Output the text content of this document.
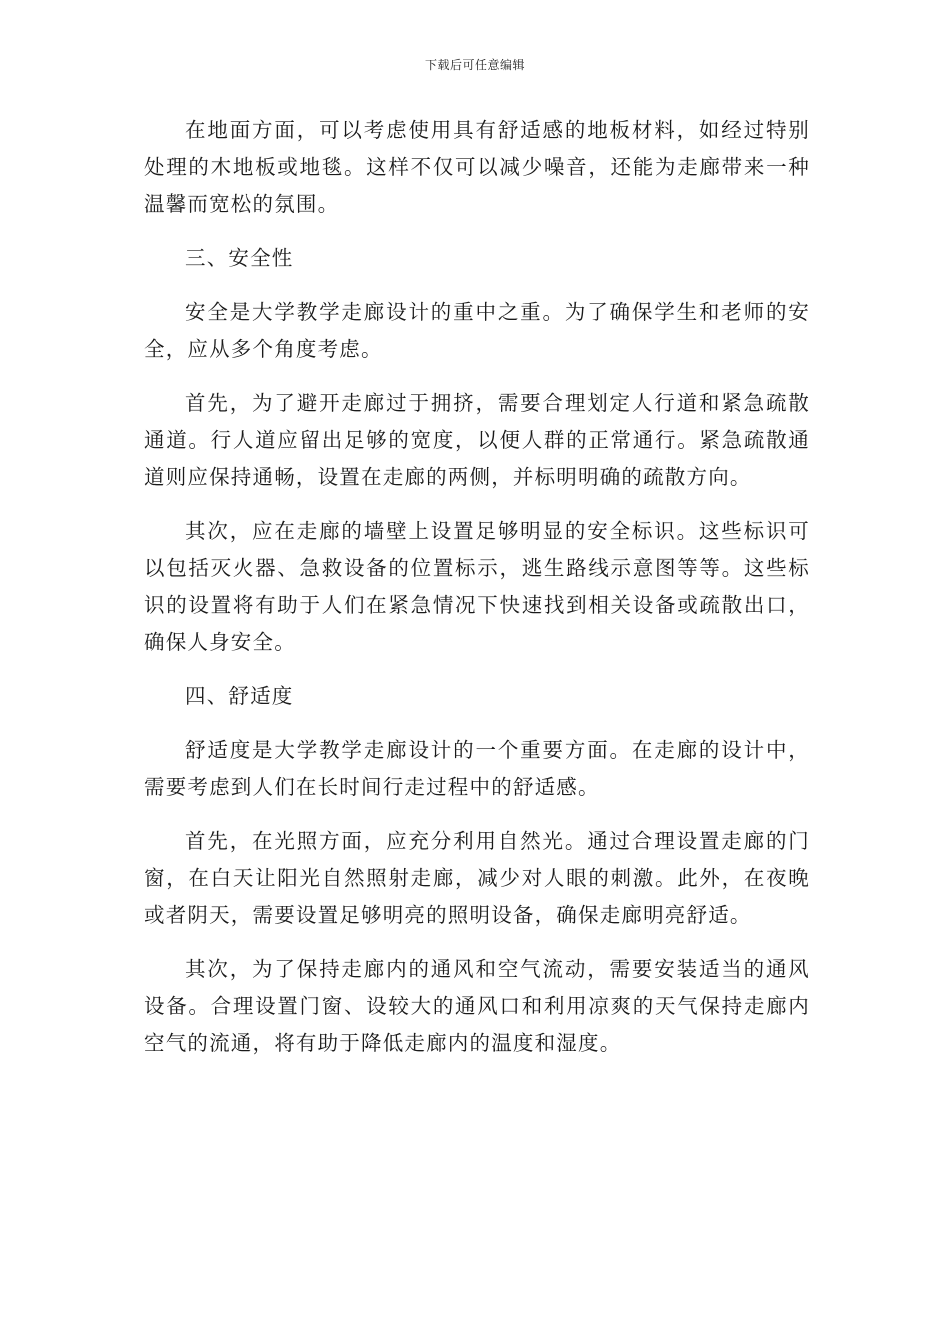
下载后可任意编辑

在地面方面，可以考虑使用具有舒适感的地板材料，如经过特别处理的木地板或地毯。这样不仅可以减少噪音，还能为走廊带来一种温馨而宽松的氛围。

三、安全性

安全是大学教学走廊设计的重中之重。为了确保学生和老师的安全，应从多个角度考虑。

首先，为了避开走廊过于拥挤，需要合理划定人行道和紧急疏散通道。行人道应留出足够的宽度，以便人群的正常通行。紧急疏散通道则应保持通畅，设置在走廊的两侧，并标明明确的疏散方向。

其次，应在走廊的墙壁上设置足够明显的安全标识。这些标识可以包括灭火器、急救设备的位置标示，逃生路线示意图等等。这些标识的设置将有助于人们在紧急情况下快速找到相关设备或疏散出口，确保人身安全。

四、舒适度

舒适度是大学教学走廊设计的一个重要方面。在走廊的设计中，需要考虑到人们在长时间行走过程中的舒适感。

首先，在光照方面，应充分利用自然光。通过合理设置走廊的门窗，在白天让阳光自然照射走廊，减少对人眼的刺激。此外，在夜晚或者阴天，需要设置足够明亮的照明设备，确保走廊明亮舒适。

其次，为了保持走廊内的通风和空气流动，需要安装适当的通风设备。合理设置门窗、设较大的通风口和利用凉爽的天气保持走廊内空气的流通，将有助于降低走廊内的温度和湿度。
